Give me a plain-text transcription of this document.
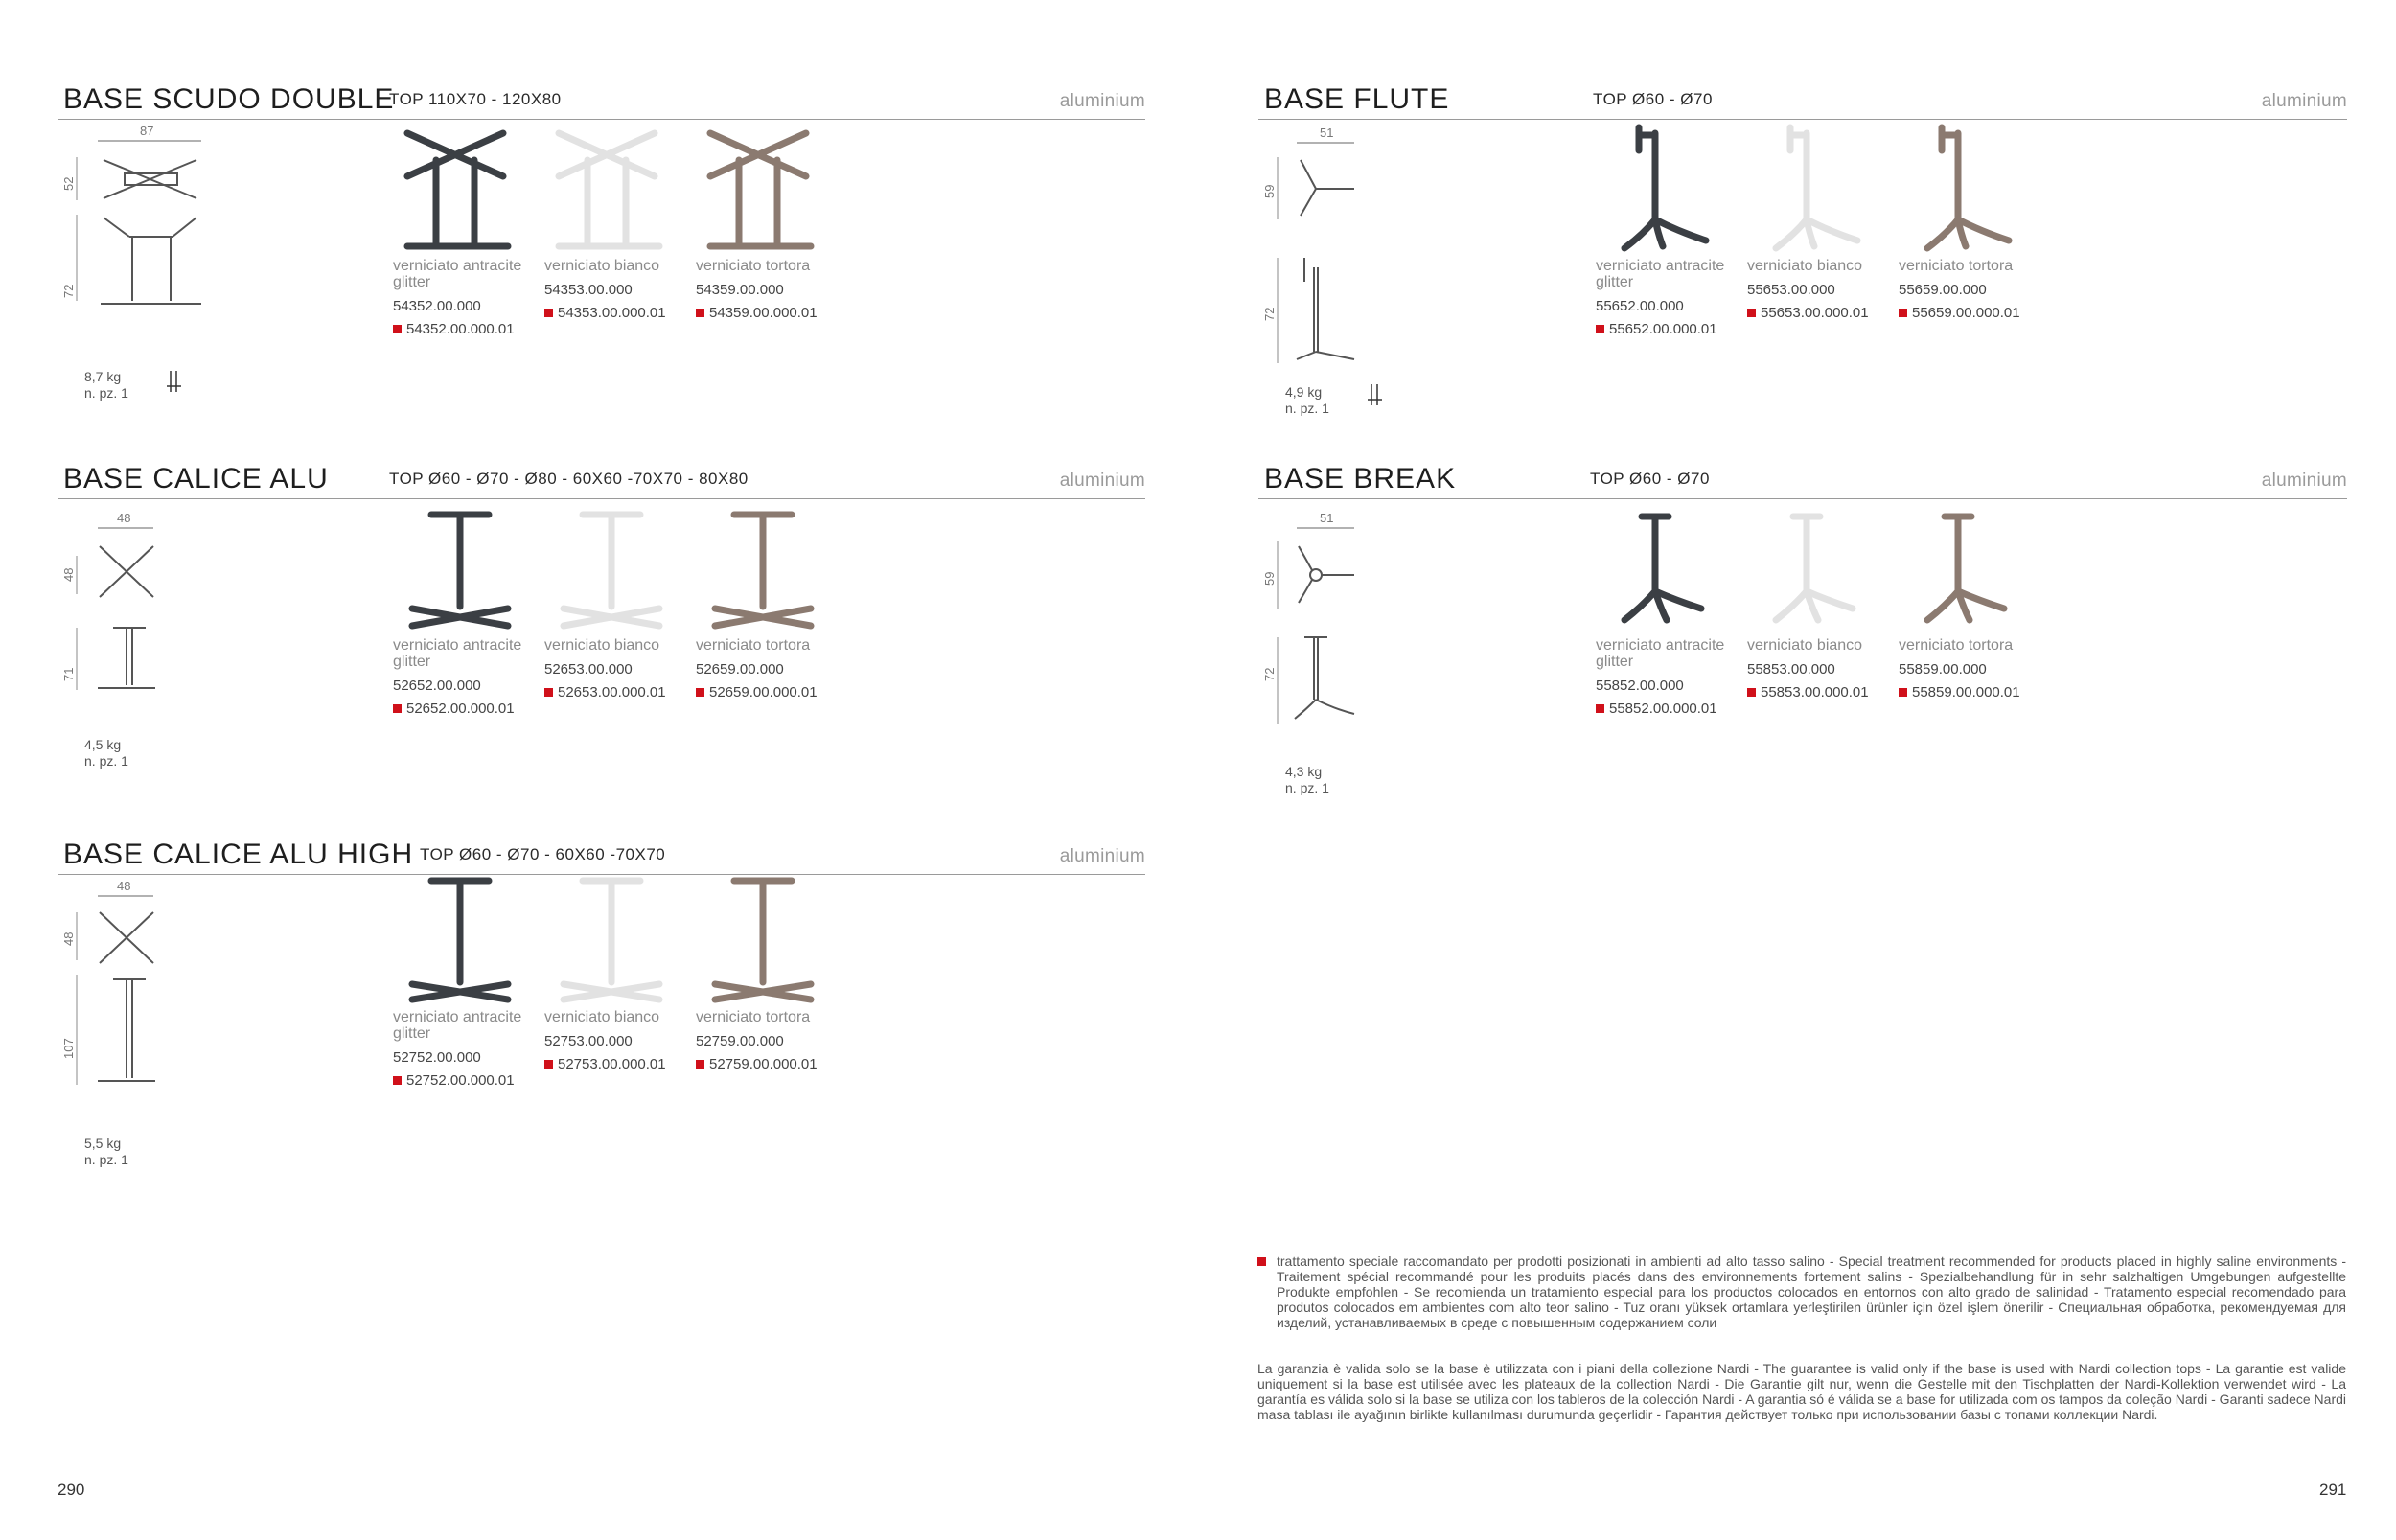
BASE SCUDO DOUBLE
TOP 110X70 - 120X80	aluminium
87
52
72
8,7 kg
n. pz. 1
verniciato antracite glitter
54352.00.000
54352.00.000.01
verniciato bianco
54353.00.000
54353.00.000.01
verniciato tortora
54359.00.000
54359.00.000.01
BASE CALICE ALU	TOP Ø60 - Ø70 - Ø80 - 60X60 -70X70 - 80X80	aluminium
48
48
71
4,5 kg
n. pz. 1
verniciato antracite glitter
52652.00.000
52652.00.000.01
verniciato bianco
52653.00.000
52653.00.000.01
verniciato tortora
52659.00.000
52659.00.000.01
BASE CALICE ALU HIGH TOP Ø60 - Ø70 - 60X60 -70X70	aluminium
48
48
107
5,5 kg
n. pz. 1
verniciato antracite glitter
52752.00.000
52752.00.000.01
verniciato bianco
52753.00.000
52753.00.000.01
verniciato tortora
52759.00.000
52759.00.000.01
BASE FLUTE	TOP Ø60 - Ø70	aluminium
51
59
72
4,9 kg
n. pz. 1
verniciato antracite glitter
55652.00.000
55652.00.000.01
verniciato bianco
55653.00.000
55653.00.000.01
verniciato tortora
55659.00.000
55659.00.000.01
BASE BREAK	TOP Ø60 - Ø70	aluminium
51
59
72
4,3 kg
n. pz. 1
verniciato antracite glitter
55852.00.000
55852.00.000.01
verniciato bianco
55853.00.000
55853.00.000.01
verniciato tortora
55859.00.000
55859.00.000.01
trattamento speciale raccomandato per prodotti posizionati in ambienti ad alto tasso salino - Special treatment recommended for products placed in highly saline environments - Traitement spécial recommandé pour les produits placés dans des environnements fortement salins - Spezialbehandlung für in sehr salzhaltigen Umgebungen aufgestellte Produkte empfohlen - Se recomienda un tratamiento especial para los productos colocados en entornos con alto grado de salinidad - Tratamento especial recomendado para produtos colocados em ambientes com alto teor salino - Tuz oranı yüksek ortamlara yerleştirilen ürünler için özel işlem önerilir - Специальная обработка, рекомендуемая для изделий, устанавливаемых в среде с повышенным содержанием соли
La garanzia è valida solo se la base è utilizzata con i piani della collezione Nardi - The guarantee is valid only if the base is used with Nardi collection tops - La garantie est valide uniquement si la base est utilisée avec les plateaux de la collection Nardi - Die Garantie gilt nur, wenn die Gestelle mit den Tischplatten der Nardi-Kollektion verwendet wird - La garantía es válida solo si la base se utiliza con los tableros de la colección Nardi - A garantia só é válida se a base for utilizada com os tampos da coleção Nardi - Garanti sadece Nardi masa tablası ile ayağının birlikte kullanılması durumunda geçerlidir - Гарантия действует только при использовании базы с топами коллекции Nardi.
290	291
